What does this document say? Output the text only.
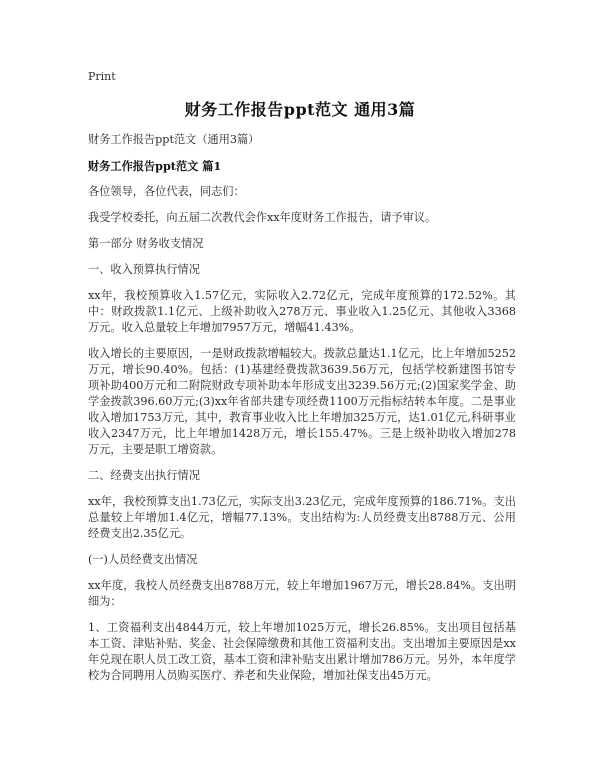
Print
财务工作报告ppt范文 通用3篇

财务工作报告ppt范文（通用3篇）

财务工作报告ppt范文 篇1

各位领导，各位代表，同志们：

我受学校委托，向五届二次教代会作xx年度财务工作报告，请予审议。

第一部分 财务收支情况

一、收入预算执行情况

xx年，我校预算收入1.57亿元，实际收入2.72亿元，完成年度预算的172.52%。其中：财政拨款1.1亿元、上级补助收入278万元、事业收入1.25亿元、其他收入3368万元。收入总量较上年增加7957万元，增幅41.43%。

收入增长的主要原因，一是财政拨款增幅较大。拨款总量达1.1亿元，比上年增加5252万元，增长90.40%。包括：(1)基建经费拨款3639.56万元，包括学校新建图书馆专项补助400万元和二附院财政专项补助本年形成支出3239.56万元;(2)国家奖学金、助学金拨款396.60万元;(3)xx年省部共建专项经费1100万元指标结转本年度。二是事业收入增加1753万元，其中，教育事业收入比上年增加325万元，达1.01亿元,科研事业收入2347万元，比上年增加1428万元，增长155.47%。三是上级补助收入增加278万元，主要是职工增资款。

二、经费支出执行情况

xx年，我校预算支出1.73亿元，实际支出3.23亿元，完成年度预算的186.71%。支出总量较上年增加1.4亿元，增幅77.13%。支出结构为:人员经费支出8788万元、公用经费支出2.35亿元。

(一)人员经费支出情况

xx年度，我校人员经费支出8788万元，较上年增加1967万元，增长28.84%。支出明细为：

1、工资福利支出4844万元，较上年增加1025万元，增长26.85%。支出项目包括基本工资、津贴补贴、奖金、社会保障缴费和其他工资福利支出。支出增加主要原因是xx年兑现在职人员工改工资，基本工资和津补贴支出累计增加786万元。另外，本年度学校为合同聘用人员购买医疗、养老和失业保险，增加社保支出45万元。
